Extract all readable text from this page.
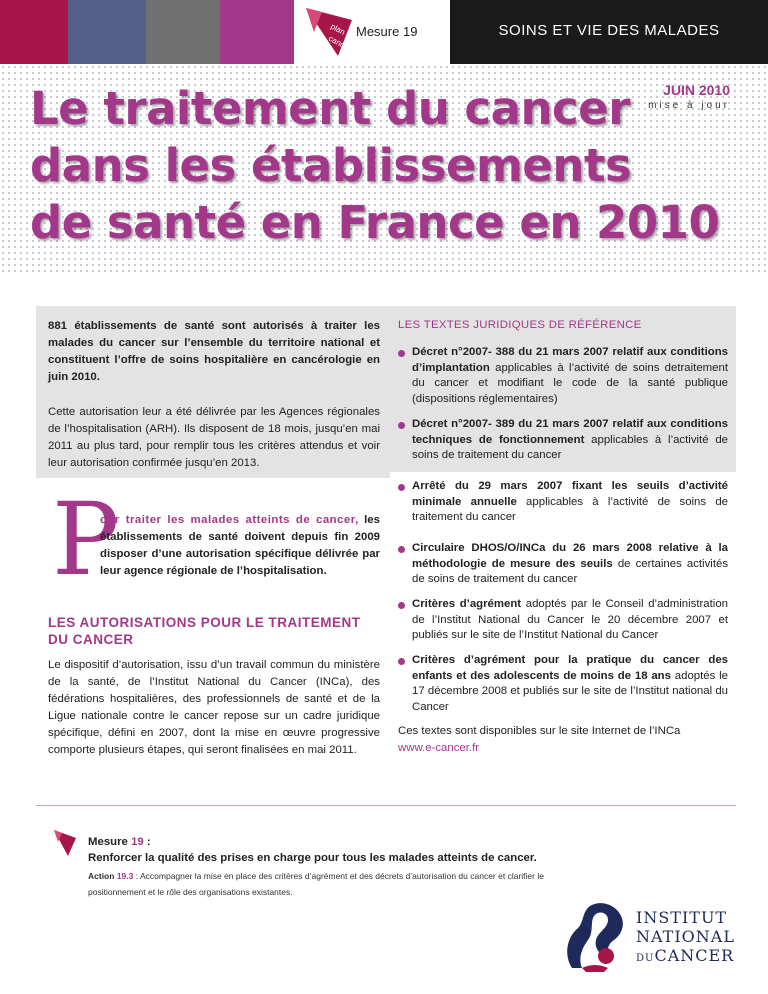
plan
cancer
Mesure 19	SOINS ET VIE DES MALADES
Le traitement du cancer
dans les établissements
de santé en France en 2010
JUIN 2010
mise à jour

881 établissements de santé sont autorisés à traiter les malades du cancer sur l’ensemble du territoire national et constituent l’offre de soins hospitalière en cancérologie en juin 2010.

Cette autorisation leur a été délivrée par les Agences régionales de l’hospitalisation (ARH). Ils disposent de 18 mois, jusqu’en mai 2011 au plus tard, pour remplir tous les critères attendus et voir leur autorisation confirmée jusqu’en 2013.

P

our traiter les malades atteints de cancer, les établissements de santé doivent depuis fin 2009 disposer d’une autorisation spécifique délivrée par leur agence régionale de l’hospitalisation.

LES AUTORISATIONS POUR LE TRAITEMENT DU CANCER

Le dispositif d’autorisation, issu d’un travail commun du ministère de la santé, de l’Institut National du Cancer (INCa), des fédérations hospitalières, des professionnels de santé et de la Ligue nationale contre le cancer repose sur un cadre juridique spécifique, défini en 2007, dont la mise en œuvre progressive comporte plusieurs étapes, qui seront finalisées en mai 2011.

LES TEXTES JURIDIQUES DE RÉFÉRENCE
Décret n°2007- 388 du 21 mars 2007 relatif aux conditions d’implantation applicables à l’activité de soins detraitement du cancer et modifiant le code de la santé publique (dispositions réglementaires)
Décret n°2007- 389 du 21 mars 2007 relatif aux conditions techniques de fonctionnement applicables à l’activité de soins de traitement du cancer
Arrêté du 29 mars 2007 fixant les seuils d’activité minimale annuelle applicables à l’activité de soins de traitement du cancer
Circulaire DHOS/O/INCa du 26 mars 2008 relative à la méthodologie de mesure des seuils de certaines activités de soins de traitement du cancer
Critères d’agrément adoptés par le Conseil d’administration de l’Institut National du Cancer le 20 décembre 2007 et publiés sur le site de l’Institut National du Cancer
Critères d’agrément pour la pratique du cancer des enfants et des adolescents de moins de 18 ans adoptés le 17 décembre 2008 et publiés sur le site de l’Institut national du Cancer

Ces textes sont disponibles sur le site Internet de l’INCa
www.e-cancer.fr

Mesure 19 :
Renforcer la qualité des prises en charge pour tous les malades atteints de cancer.
Action 19.3 : Accompagner la mise en place des critères d’agrément et des décrets d’autorisation du cancer et clarifier le positionnement et le rôle des organisations existantes.
INSTITUT
NATIONAL
DUCANCER
